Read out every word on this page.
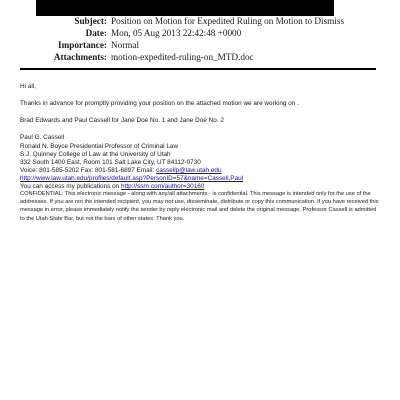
Subject: Position on Motion for Expedited Ruling on Motion to Dismiss
Date: Mon, 05 Aug 2013 22:42:48 +0000
Importance: Normal
Attachments: motion-expedited-ruling-on_MTD.doc
Hi all,
Thanks in advance for promptly providing your position on the attached motion we are working on .
Brad Edwards and Paul Cassell for Jane Doe No. 1 and Jane Doe No. 2
Paul G. Cassell
Ronald N. Boyce Presidential Professor of Criminal Law
S.J. Quinney College of Law at the University of Utah
332 South 1400 East, Room 101 Salt Lake City, UT 84112-0730
Voice: 801-585-5202 Fax: 801-581-6897 Email: cassellp@law.utah.edu
http://www.law.utah.edu/profiles/default.asp?PersonID=57&name=Cassell,Paul
You can access my publications on http://ssrn.com/author=30160
CONFIDENTIAL: This electronic message - along with any/all attachments - is confidential. This message is intended only for the use of the addressee. If you are not the intended recipient, you may not use, disseminate, distribute or copy this communication. If you have received this message in error, please immediately notify the sender by reply electronic mail and delete the original message. Professor Cassell is admitted to the Utah State Bar, but not the bars of other states. Thank you.
